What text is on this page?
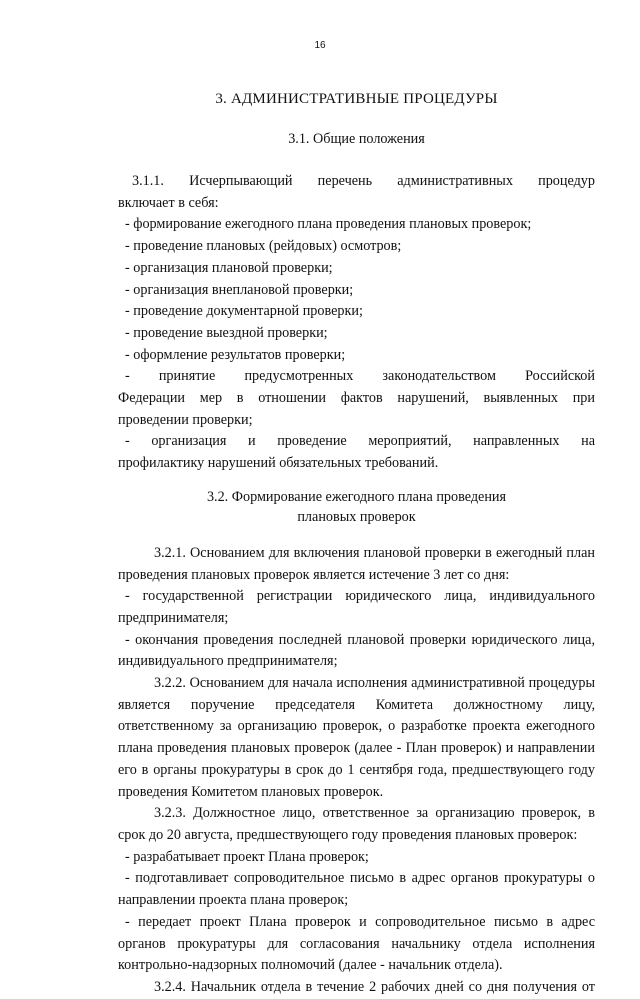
16
3. АДМИНИСТРАТИВНЫЕ ПРОЦЕДУРЫ
3.1. Общие положения

3.1.1. Исчерпывающий перечень административных процедур

включает в себя:

- формирование ежегодного плана проведения плановых проверок;

- проведение плановых (рейдовых) осмотров;

- организация плановой проверки;

- организация внеплановой проверки;

- проведение документарной проверки;

- проведение выездной проверки;

- оформление результатов проверки;

- принятие предусмотренных законодательством Российской

Федерации мер в отношении фактов нарушений, выявленных при

проведении проверки;

- организация и проведение мероприятий, направленных на

профилактику нарушений обязательных требований.

3.2. Формирование ежегодного плана проведения
плановых проверок

3.2.1. Основанием для включения плановой проверки в ежегодный план проведения плановых проверок является истечение 3 лет со дня:

- государственной регистрации юридического лица, индивидуального предпринимателя;

- окончания проведения последней плановой проверки юридического лица, индивидуального предпринимателя;

3.2.2. Основанием для начала исполнения административной процедуры является поручение председателя Комитета должностному лицу, ответственному за организацию проверок, о разработке проекта ежегодного плана проведения плановых проверок (далее - План проверок) и направлении его в органы прокуратуры в срок до 1 сентября года, предшествующего году проведения Комитетом плановых проверок.

3.2.3. Должностное лицо, ответственное за организацию проверок, в срок до 20 августа, предшествующего году проведения плановых проверок:

- разрабатывает проект Плана проверок;

- подготавливает сопроводительное письмо в адрес органов прокуратуры о направлении проекта плана проверок;

- передает проект Плана проверок и сопроводительное письмо в адрес органов прокуратуры для согласования начальнику отдела исполнения контрольно-надзорных полномочий (далее - начальник отдела).

3.2.4. Начальник отдела в течение 2 рабочих дней со дня получения от
